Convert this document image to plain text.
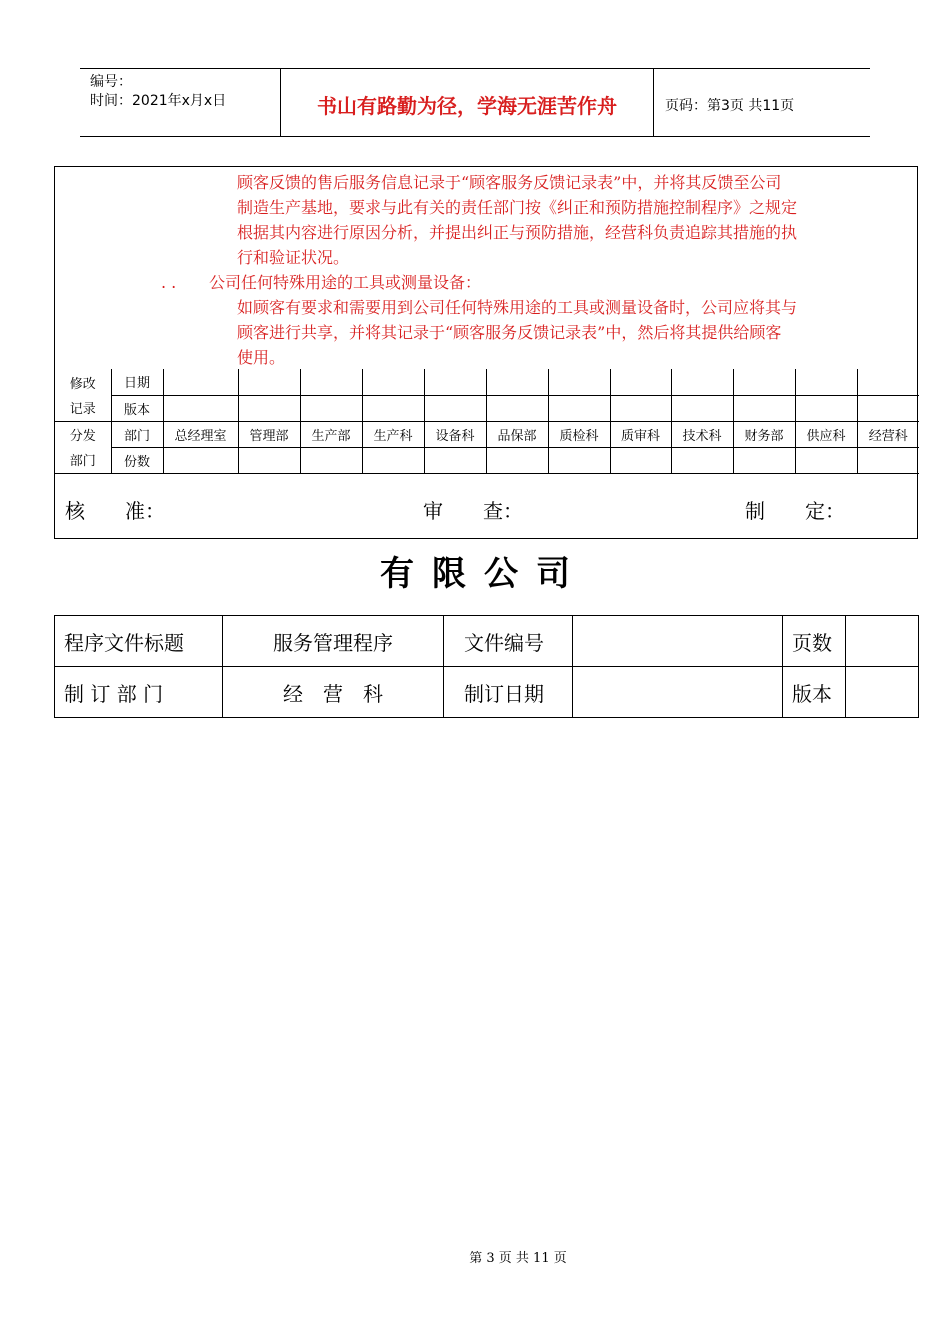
编号：
时间：2021年x月x日	书山有路勤为径，学海无涯苦作舟	页码：第3页 共11页
顾客反馈的售后服务信息记录于“顾客服务反馈记录表”中，并将其反馈至公司
制造生产基地，要求与此有关的责任部门按《纠正和预防措施控制程序》之规定
根据其内容进行原因分析，并提出纠正与预防措施，经营科负责追踪其措施的执
行和验证状况。
. . 公司任何特殊用途的工具或测量设备：
如顾客有要求和需要用到公司任何特殊用途的工具或测量设备时，公司应将其与
顾客进行共享，并将其记录于“顾客服务反馈记录表”中，然后将其提供给顾客
使用。
修改	日期												
记录	版本												
分发	部门	总经理室	管理部	生产部	生产科	设备科	品保部	质检科	质审科	技术科	财务部	供应科	经营科
部门	份数												
核　　准：	审　　查：	制　　定：
有限公司
程序文件标题	服务管理程序	文件编号		页数	
制 订 部 门	经　营　科	制订日期		版本	
第 3 页 共 11 页
